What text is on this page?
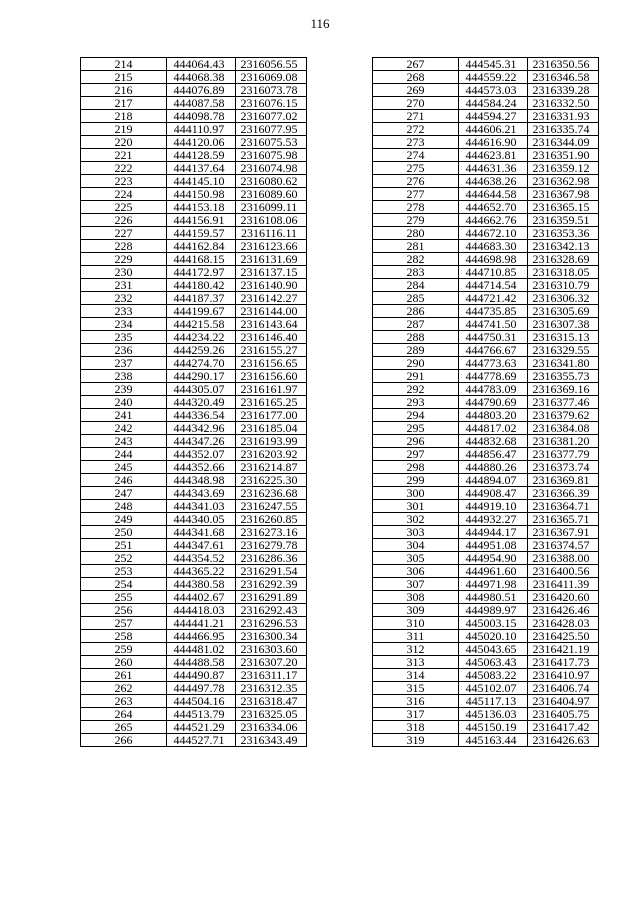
116
214	444064.43	2316056.55
215	444068.38	2316069.08
216	444076.89	2316073.78
217	444087.58	2316076.15
218	444098.78	2316077.02
219	444110.97	2316077.95
220	444120.06	2316075.53
221	444128.59	2316075.98
222	444137.64	2316074.98
223	444145.10	2316080.62
224	444150.98	2316089.60
225	444153.18	2316099.11
226	444156.91	2316108.06
227	444159.57	2316116.11
228	444162.84	2316123.66
229	444168.15	2316131.69
230	444172.97	2316137.15
231	444180.42	2316140.90
232	444187.37	2316142.27
233	444199.67	2316144.00
234	444215.58	2316143.64
235	444234.22	2316146.40
236	444259.26	2316155.27
237	444274.70	2316156.65
238	444290.17	2316156.60
239	444305.07	2316161.97
240	444320.49	2316165.25
241	444336.54	2316177.00
242	444342.96	2316185.04
243	444347.26	2316193.99
244	444352.07	2316203.92
245	444352.66	2316214.87
246	444348.98	2316225.30
247	444343.69	2316236.68
248	444341.03	2316247.55
249	444340.05	2316260.85
250	444341.68	2316273.16
251	444347.61	2316279.78
252	444354.52	2316286.36
253	444365.22	2316291.54
254	444380.58	2316292.39
255	444402.67	2316291.89
256	444418.03	2316292.43
257	444441.21	2316296.53
258	444466.95	2316300.34
259	444481.02	2316303.60
260	444488.58	2316307.20
261	444490.87	2316311.17
262	444497.78	2316312.35
263	444504.16	2316318.47
264	444513.79	2316325.05
265	444521.29	2316334.06
266	444527.71	2316343.49
267	444545.31	2316350.56
268	444559.22	2316346.58
269	444573.03	2316339.28
270	444584.24	2316332.50
271	444594.27	2316331.93
272	444606.21	2316335.74
273	444616.90	2316344.09
274	444623.81	2316351.90
275	444631.36	2316359.12
276	444638.26	2316362.98
277	444644.58	2316367.98
278	444652.70	2316365.15
279	444662.76	2316359.51
280	444672.10	2316353.36
281	444683.30	2316342.13
282	444698.98	2316328.69
283	444710.85	2316318.05
284	444714.54	2316310.79
285	444721.42	2316306.32
286	444735.85	2316305.69
287	444741.50	2316307.38
288	444750.31	2316315.13
289	444766.67	2316329.55
290	444773.63	2316341.80
291	444778.69	2316355.73
292	444783.09	2316369.16
293	444790.69	2316377.46
294	444803.20	2316379.62
295	444817.02	2316384.08
296	444832.68	2316381.20
297	444856.47	2316377.79
298	444880.26	2316373.74
299	444894.07	2316369.81
300	444908.47	2316366.39
301	444919.10	2316364.71
302	444932.27	2316365.71
303	444944.17	2316367.91
304	444951.08	2316374.57
305	444954.90	2316388.00
306	444961.60	2316400.56
307	444971.98	2316411.39
308	444980.51	2316420.60
309	444989.97	2316426.46
310	445003.15	2316428.03
311	445020.10	2316425.50
312	445043.65	2316421.19
313	445063.43	2316417.73
314	445083.22	2316410.97
315	445102.07	2316406.74
316	445117.13	2316404.97
317	445136.03	2316405.75
318	445150.19	2316417.42
319	445163.44	2316426.63
